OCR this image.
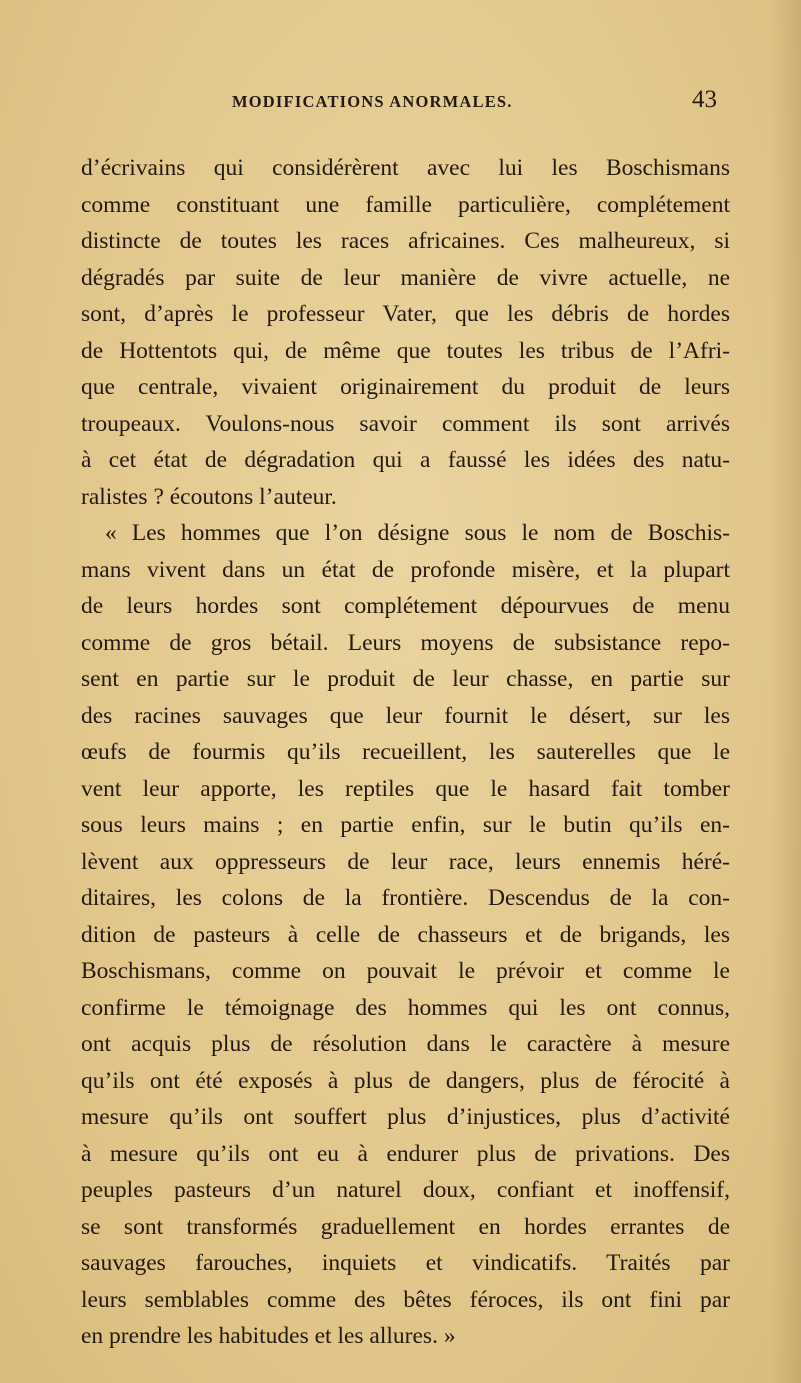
MODIFICATIONS ANORMALES.	43
d’écrivains qui considérèrent avec lui les Boschismans
comme constituant une famille particulière, complétement
distincte de toutes les races africaines. Ces malheureux, si
dégradés par suite de leur manière de vivre actuelle, ne
sont, d’après le professeur Vater, que les débris de hordes
de Hottentots qui, de même que toutes les tribus de l’Afri-
que centrale, vivaient originairement du produit de leurs
troupeaux. Voulons-nous savoir comment ils sont arrivés
à cet état de dégradation qui a faussé les idées des natu-
ralistes ? écoutons l’auteur.
« Les hommes que l’on désigne sous le nom de Boschis-
mans vivent dans un état de profonde misère, et la plupart
de leurs hordes sont complétement dépourvues de menu
comme de gros bétail. Leurs moyens de subsistance repo-
sent en partie sur le produit de leur chasse, en partie sur
des racines sauvages que leur fournit le désert, sur les
œufs de fourmis qu’ils recueillent, les sauterelles que le
vent leur apporte, les reptiles que le hasard fait tomber
sous leurs mains ; en partie enfin, sur le butin qu’ils en-
lèvent aux oppresseurs de leur race, leurs ennemis héré-
ditaires, les colons de la frontière. Descendus de la con-
dition de pasteurs à celle de chasseurs et de brigands, les
Boschismans, comme on pouvait le prévoir et comme le
confirme le témoignage des hommes qui les ont connus,
ont acquis plus de résolution dans le caractère à mesure
qu’ils ont été exposés à plus de dangers, plus de férocité à
mesure qu’ils ont souffert plus d’injustices, plus d’activité
à mesure qu’ils ont eu à endurer plus de privations. Des
peuples pasteurs d’un naturel doux, confiant et inoffensif,
se sont transformés graduellement en hordes errantes de
sauvages farouches, inquiets et vindicatifs. Traités par
leurs semblables comme des bêtes féroces, ils ont fini par
en prendre les habitudes et les allures. »
